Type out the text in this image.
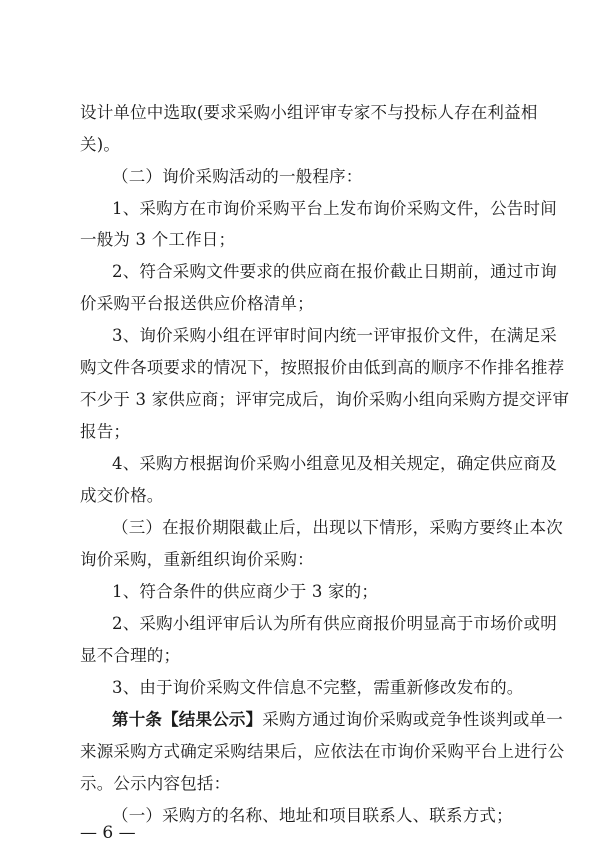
设计单位中选取(要求采购小组评审专家不与投标人存在利益相
关)。
（二）询价采购活动的一般程序：
1、采购方在市询价采购平台上发布询价采购文件，公告时间
一般为 3 个工作日；
2、符合采购文件要求的供应商在报价截止日期前，通过市询
价采购平台报送供应价格清单；
3、询价采购小组在评审时间内统一评审报价文件，在满足采
购文件各项要求的情况下，按照报价由低到高的顺序不作排名推荐
不少于 3 家供应商；评审完成后，询价采购小组向采购方提交评审
报告；
4、采购方根据询价采购小组意见及相关规定，确定供应商及
成交价格。
（三）在报价期限截止后，出现以下情形，采购方要终止本次
询价采购，重新组织询价采购：
1、符合条件的供应商少于 3 家的；
2、采购小组评审后认为所有供应商报价明显高于市场价或明
显不合理的；
3、由于询价采购文件信息不完整，需重新修改发布的。
第十条【结果公示】采购方通过询价采购或竞争性谈判或单一
来源采购方式确定采购结果后，应依法在市询价采购平台上进行公
示。公示内容包括：
（一）采购方的名称、地址和项目联系人、联系方式；
— 6 —
